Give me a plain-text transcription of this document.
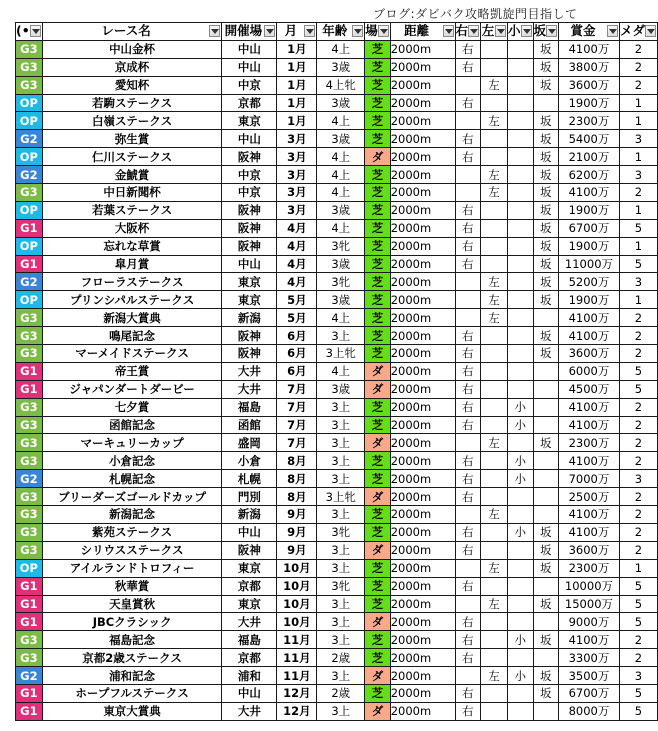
ブログ:ダビバク攻略凱旋門目指して
(•	レース名	開催場	月	年齢	場	距離	右	左	小	坂	賞金	メダ

G3	中山金杯	中山	1月	4上	芝	2000m	右			坂	4100万	2
G3	京成杯	中山	1月	3歳	芝	2000m	右			坂	3800万	2
G3	愛知杯	中京	1月	4上牝	芝	2000m		左		坂	3600万	2
OP	若駒ステークス	京都	1月	3歳	芝	2000m	右				1900万	1
OP	白嶺ステークス	東京	1月	4上	芝	2000m		左		坂	2300万	1
G2	弥生賞	中山	3月	3歳	芝	2000m	右			坂	5400万	3
OP	仁川ステークス	阪神	3月	4上	ダ	2000m	右			坂	2100万	1
G2	金鯱賞	中京	3月	4上	芝	2000m		左		坂	6200万	3
G3	中日新聞杯	中京	3月	4上	芝	2000m		左		坂	4100万	2
OP	若葉ステークス	阪神	3月	3歳	芝	2000m	右			坂	1900万	1
G1	大阪杯	阪神	4月	4上	芝	2000m	右			坂	6700万	5
OP	忘れな草賞	阪神	4月	3牝	芝	2000m	右			坂	1900万	1
G1	皐月賞	中山	4月	3歳	芝	2000m	右			坂	11000万	5
G2	フローラステークス	東京	4月	3牝	芝	2000m		左		坂	5200万	3
OP	プリンシパルステークス	東京	5月	3歳	芝	2000m		左		坂	1900万	1
G3	新潟大賞典	新潟	5月	4上	芝	2000m		左			4100万	2
G3	鳴尾記念	阪神	6月	3上	芝	2000m	右			坂	4100万	2
G3	マーメイドステークス	阪神	6月	3上牝	芝	2000m	右			坂	3600万	2
G1	帝王賞	大井	6月	4上	ダ	2000m	右				6000万	5
G1	ジャパンダートダービー	大井	7月	3歳	ダ	2000m	右				4500万	5
G3	七夕賞	福島	7月	3上	芝	2000m	右		小		4100万	2
G3	函館記念	函館	7月	3上	芝	2000m	右		小		4100万	2
G3	マーキュリーカップ	盛岡	7月	3上	ダ	2000m		左		坂	2300万	2
G3	小倉記念	小倉	8月	3上	芝	2000m	右		小		4100万	2
G2	札幌記念	札幌	8月	3上	芝	2000m	右		小		7000万	3
G3	ブリーダーズゴールドカップ	門別	8月	3上牝	ダ	2000m	右				2500万	2
G3	新潟記念	新潟	9月	3上	芝	2000m		左			4100万	2
G3	紫苑ステークス	中山	9月	3牝	芝	2000m	右		小	坂	4100万	2
G3	シリウスステークス	阪神	9月	3上	ダ	2000m	右			坂	3600万	2
OP	アイルランドトロフィー	東京	10月	3上	芝	2000m		左		坂	2300万	1
G1	秋華賞	京都	10月	3牝	芝	2000m	右				10000万	5
G1	天皇賞秋	東京	10月	3上	芝	2000m		左		坂	15000万	5
G1	JBCクラシック	大井	10月	3上	ダ	2000m	右				9000万	5
G3	福島記念	福島	11月	3上	芝	2000m	右		小	坂	4100万	2
G3	京都2歳ステークス	京都	11月	2歳	芝	2000m	右				3300万	2
G2	浦和記念	浦和	11月	3上	ダ	2000m		左	小	坂	3500万	3
G1	ホープフルステークス	中山	12月	2歳	芝	2000m	右			坂	6700万	5
G1	東京大賞典	大井	12月	3上	ダ	2000m	右				8000万	5
